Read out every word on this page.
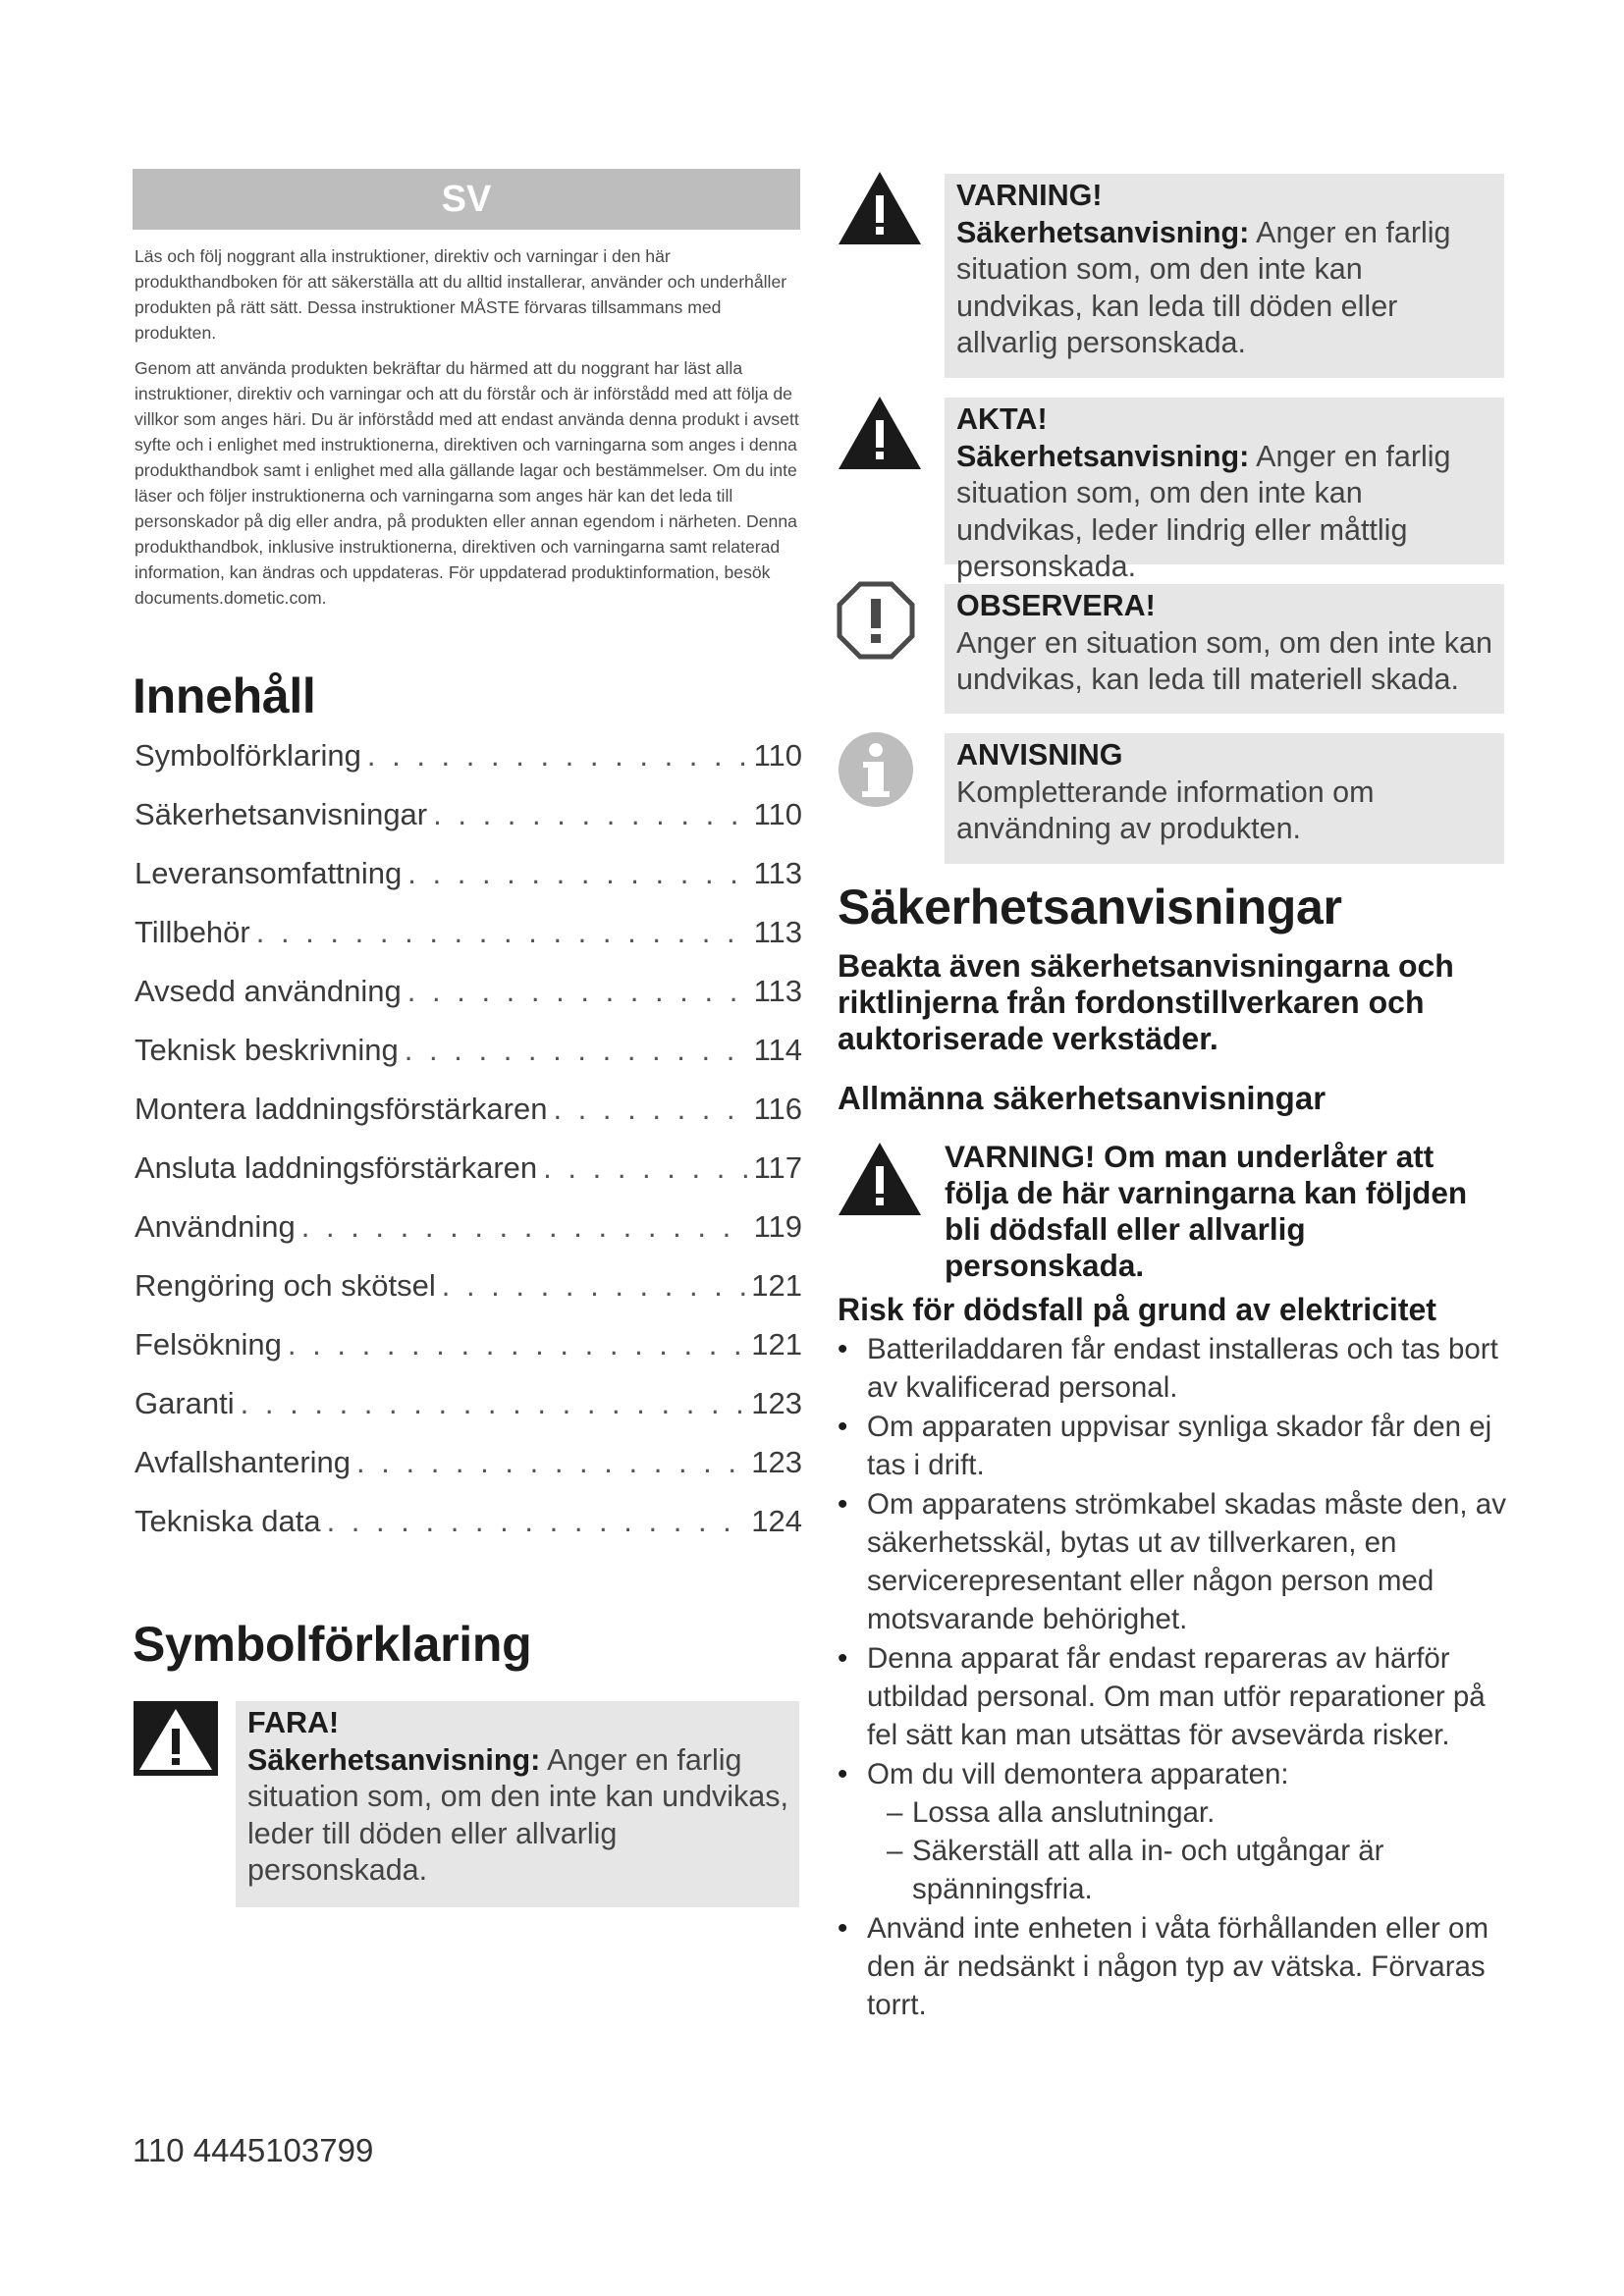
SV

Läs och följ noggrant alla instruktioner, direktiv och varningar i den här produkthandboken för att säkerställa att du alltid installerar, använder och underhåller produkten på rätt sätt. Dessa instruktioner MÅSTE förvaras tillsammans med produkten.

Genom att använda produkten bekräftar du härmed att du noggrant har läst alla instruktioner, direktiv och varningar och att du förstår och är införstådd med att följa de villkor som anges häri. Du är införstådd med att endast använda denna produkt i avsett syfte och i enlighet med instruktionerna, direktiven och varningarna som anges i denna produkthandbok samt i enlighet med alla gällande lagar och bestämmelser. Om du inte läser och följer instruktionerna och varningarna som anges här kan det leda till personskador på dig eller andra, på produkten eller annan egendom i närheten. Denna produkthandbok, inklusive instruktionerna, direktiven och varningarna samt relaterad information, kan ändras och uppdateras. För uppdaterad produktinformation, besök documents.dometic.com.

Innehåll
Symbolförklaring . . .	110
Säkerhetsanvisningar . . .	110
Leveransomfattning . . .	113
Tillbehör . . .	113
Avsedd användning . . .	113
Teknisk beskrivning . . .	114
Montera laddningsförstärkaren . . .	116
Ansluta laddningsförstärkaren . . .	117
Användning . . .	119
Rengöring och skötsel . . .	121
Felsökning . . .	121
Garanti . . .	123
Avfallshantering . . .	123
Tekniska data . . .	124
Symbolförklaring
FARA!
Säkerhetsanvisning: Anger en farlig situation som, om den inte kan undvikas, leder till döden eller allvarlig personskada.
VARNING!
Säkerhetsanvisning: Anger en farlig situation som, om den inte kan undvikas, kan leda till döden eller allvarlig personskada.
AKTA!
Säkerhetsanvisning: Anger en farlig situation som, om den inte kan undvikas, leder lindrig eller måttlig personskada.
OBSERVERA!
Anger en situation som, om den inte kan undvikas, kan leda till materiell skada.
ANVISNING
Kompletterande information om användning av produkten.
Säkerhetsanvisningar

Beakta även säkerhetsanvisningarna och riktlinjerna från fordonstillverkaren och auktoriserade verkstäder.

Allmänna säkerhetsanvisningar

VARNING! Om man underlåter att följa de här varningarna kan följden bli dödsfall eller allvarlig personskada.

Risk för dödsfall på grund av elektricitet
• Batteriladdaren får endast installeras och tas bort av kvalificerad personal.
• Om apparaten uppvisar synliga skador får den ej tas i drift.
• Om apparatens strömkabel skadas måste den, av säkerhetsskäl, bytas ut av tillverkaren, en servicerepresentant eller någon person med motsvarande behörighet.
• Denna apparat får endast repareras av härför utbildad personal. Om man utför reparationer på fel sätt kan man utsättas för avsevärda risker.
• Om du vill demontera apparaten:
– Lossa alla anslutningar.
– Säkerställ att alla in- och utgångar är spänningsfria.
• Använd inte enheten i våta förhållanden eller om den är nedsänkt i någon typ av vätska. Förvaras torrt.
110 4445103799
